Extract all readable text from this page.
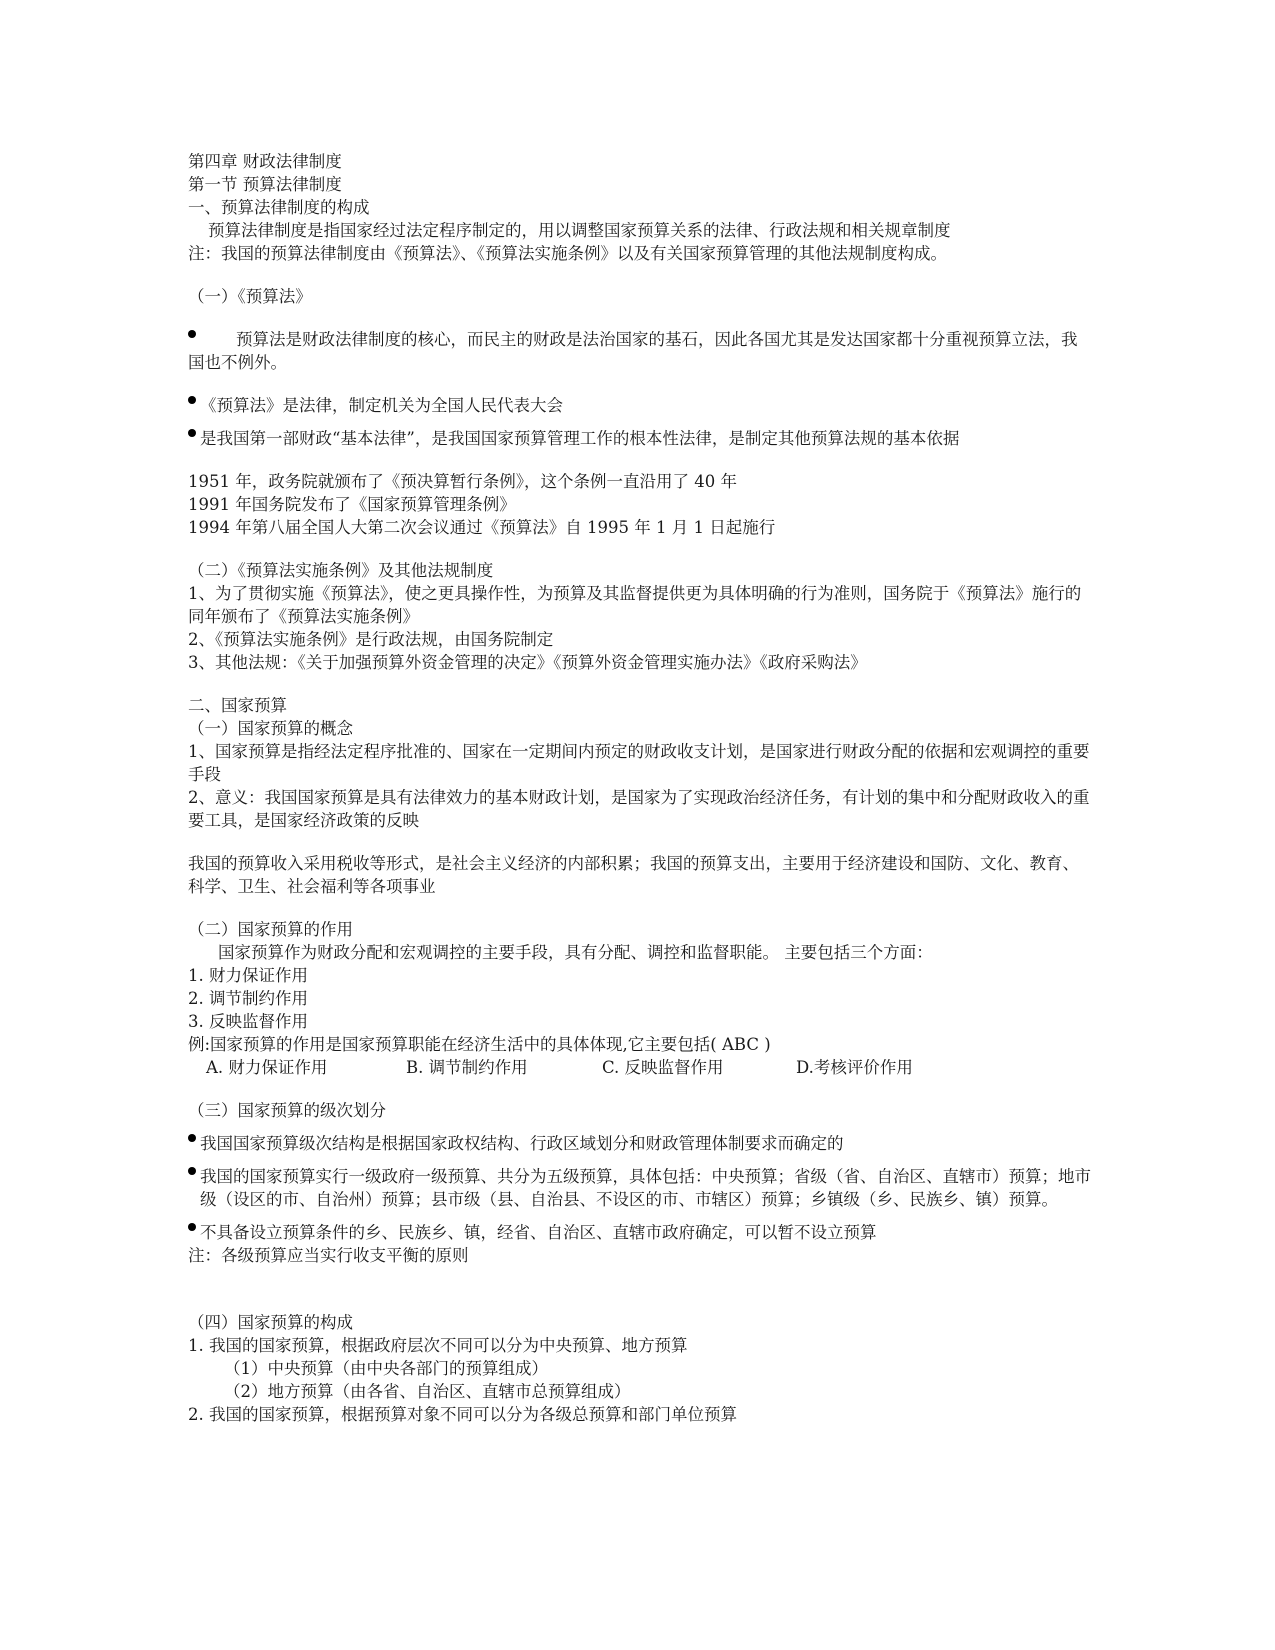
第四章 财政法律制度

第一节 预算法律制度

一、预算法律制度的构成

预算法律制度是指国家经过法定程序制定的，用以调整国家预算关系的法律、行政法规和相关规章制度

注：我国的预算法律制度由《预算法》、《预算法实施条例》以及有关国家预算管理的其他法规制度构成。

（一）《预算法》

预算法是财政法律制度的核心，而民主的财政是法治国家的基石，因此各国尤其是发达国家都十分重视预算立法，我国也不例外。

《预算法》是法律，制定机关为全国人民代表大会

是我国第一部财政“基本法律”，是我国国家预算管理工作的根本性法律，是制定其他预算法规的基本依据

1951 年，政务院就颁布了《预决算暂行条例》，这个条例一直沿用了 40 年

1991 年国务院发布了《国家预算管理条例》

1994 年第八届全国人大第二次会议通过《预算法》自 1995 年 1 月 1 日起施行

（二）《预算法实施条例》及其他法规制度

1、为了贯彻实施《预算法》，使之更具操作性，为预算及其监督提供更为具体明确的行为准则，国务院于《预算法》施行的同年颁布了《预算法实施条例》

2、《预算法实施条例》是行政法规，由国务院制定

3、其他法规：《关于加强预算外资金管理的决定》《预算外资金管理实施办法》《政府采购法》

二、国家预算

（一）国家预算的概念

1、国家预算是指经法定程序批准的、国家在一定期间内预定的财政收支计划，是国家进行财政分配的依据和宏观调控的重要手段

2、意义：我国国家预算是具有法律效力的基本财政计划，是国家为了实现政治经济任务，有计划的集中和分配财政收入的重要工具，是国家经济政策的反映

我国的预算收入采用税收等形式，是社会主义经济的内部积累；我国的预算支出，主要用于经济建设和国防、文化、教育、科学、卫生、社会福利等各项事业

（二）国家预算的作用

国家预算作为财政分配和宏观调控的主要手段，具有分配、调控和监督职能。 主要包括三个方面：

1. 财力保证作用

2. 调节制约作用

3. 反映监督作用

例:国家预算的作用是国家预算职能在经济生活中的具体体现,它主要包括( ABC )

A. 财力保证作用	B. 调节制约作用	C. 反映监督作用	D.考核评价作用

（三）国家预算的级次划分

我国国家预算级次结构是根据国家政权结构、行政区域划分和财政管理体制要求而确定的

我国的国家预算实行一级政府一级预算、共分为五级预算，具体包括：中央预算；省级（省、自治区、直辖市）预算；地市级（设区的市、自治州）预算；县市级（县、自治县、不设区的市、市辖区）预算；乡镇级（乡、民族乡、镇）预算。

不具备设立预算条件的乡、民族乡、镇，经省、自治区、直辖市政府确定，可以暂不设立预算

注：各级预算应当实行收支平衡的原则

（四）国家预算的构成

1. 我国的国家预算，根据政府层次不同可以分为中央预算、地方预算

（1）中央预算（由中央各部门的预算组成）

（2）地方预算（由各省、自治区、直辖市总预算组成）

2. 我国的国家预算，根据预算对象不同可以分为各级总预算和部门单位预算
